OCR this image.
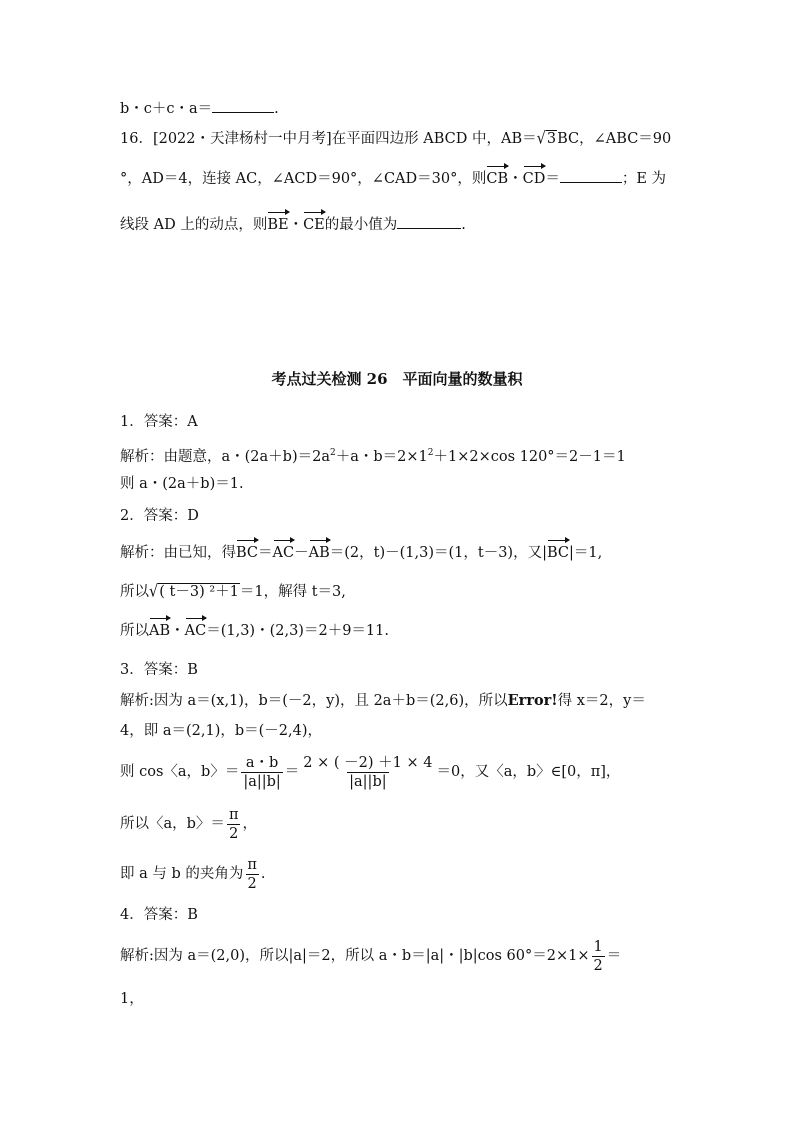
b・c＋c・a＝	.
16．[2022・天津杨村一中月考]在平面四边形 ABCD 中，AB＝√3BC，∠ABC＝90
°，AD＝4，连接 AC，∠ACD＝90°，∠CAD＝30°，则CB・CD＝	；E 为
线段 AD 上的动点，则BE・CE的最小值为	.
考点过关检测 26　平面向量的数量积
1．答案：A
解析：由题意，a・$(2a+b)=2a^2+a$・$b=2\times 1^2+1\times 2\times\cos$ 120°＝2－1＝1
则 a・(2a＋b)＝1.
2．答案：D
解析：由已知，得BC＝AC－AB＝(2，t)－(1,3)＝(1，t－3)，又|BC|＝1,
所以√( t－3) ²＋1＝1，解得 t＝3,
所以AB・AC＝(1,3)・(2,3)＝2＋9＝11.
3．答案：B
解析:因为 a＝(x,1)，b＝(－2，y)，且 2a＋b＝(2,6)，所以Error!得 x＝2，y＝
4，即 a＝(2,1)，b＝(－2,4)，
则 cos〈a，b〉＝ $\frac{a・b}{|a||b|} = \frac{2 \times ( -2) +1 \times 4}{|a||b|} =0$，又〈a，b〉∈[0，π]，
所以〈a，b〉＝ $\frac{\pi}{2}$ ，
即 a 与 b 的夹角为 $\frac{\pi}{2}$ .
4．答案：B
解析:因为 a＝(2,0)，所以|a|＝2，所以 a・b＝|a|・|b|cos $60^\circ=2\times 1\times \frac{1}{2}$ ＝
1，
